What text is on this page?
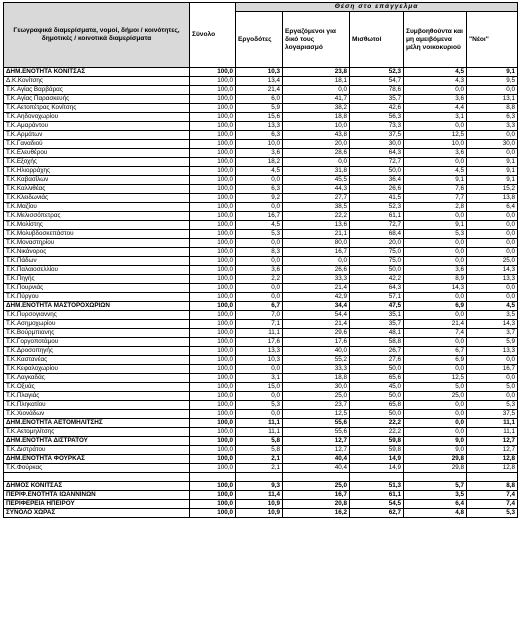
Γεωγραφικά διαμερίσματα, νομοί, δήμοι / κοινότητες, δημοτικές / κοινοτικά διαμερίσματα	Σύνολο	Θέση στο επάγγελμα				
		Εργοδότες	Εργαζόμενοι για δικό τους λογαριασμό	Μισθωτοί	Συμβοηθούντα και μη αμειβόμενα μέλη νοικοκυριού	"Νέοι"
ΔΗΜ.ΕΝΟΤΗΤΑ ΚΟΝΙΤΣΑΣ	100,0	10,3	23,8	52,3	4,5	9,1
Δ.Κ.Κονίτσης	100,0	13,4	18,1	54,7	4,3	9,5
Τ.Κ.Αγίας Βαρβάρας	100,0	21,4	0,0	78,6	0,0	0,0
Τ.Κ.Αγίας Παρασκευής	100,0	6,0	41,7	35,7	3,6	13,1
Τ.Κ.Αετοπέτρας Κονίτσης	100,0	5,9	38,2	42,6	4,4	8,8
Τ.Κ.Αηδονοχωρίου	100,0	15,6	18,8	56,3	3,1	6,3
Τ.Κ.Αμαράντου	100,0	13,3	10,0	73,3	0,0	3,3
Τ.Κ.Αρμάτων	100,0	6,3	43,8	37,5	12,5	0,0
Τ.Κ.Γαναδιού	100,0	10,0	20,0	30,0	10,0	30,0
Τ.Κ.Ελευθέρου	100,0	3,6	28,6	64,3	3,6	0,0
Τ.Κ.Εξοχής	100,0	18,2	0,0	72,7	0,0	9,1
Τ.Κ.Ηλιορράχης	100,0	4,5	31,8	50,0	4,5	9,1
Τ.Κ.Καβασίλων	100,0	0,0	45,5	36,4	9,1	9,1
Τ.Κ.Καλλιθέας	100,0	6,3	44,3	26,6	7,6	15,2
Τ.Κ.Κλειδωνιάς	100,0	9,2	27,7	41,5	7,7	13,8
Τ.Κ.Μαζίου	100,0	0,0	38,5	52,3	2,8	6,4
Τ.Κ.Μελισσόπετρας	100,0	16,7	22,2	61,1	0,0	0,0
Τ.Κ.Μολίστης	100,0	4,5	13,6	72,7	9,1	0,0
Τ.Κ.Μολυβδοσκεπάστου	100,0	5,3	21,1	68,4	5,3	0,0
Τ.Κ.Μοναστηρίου	100,0	0,0	80,0	20,0	0,0	0,0
Τ.Κ.Νικάνορος	100,0	8,3	16,7	75,0	0,0	0,0
Τ.Κ.Πάδων	100,0	0,0	0,0	75,0	0,0	25,0
Τ.Κ.Παλαιοσελλίου	100,0	3,6	26,6	50,0	3,6	14,3
Τ.Κ.Πηγής	100,0	2,2	33,3	42,2	8,9	13,3
Τ.Κ.Πουρνιάς	100,0	0,0	21,4	64,3	14,3	0,0
Τ.Κ.Πύργου	100,0	0,0	42,9	57,1	0,0	0,0
ΔΗΜ.ΕΝΟΤΗΤΑ ΜΑΣΤΟΡΟΧΩΡΙΩΝ	100,0	6,7	34,4	47,5	6,9	4,5
Τ.Κ.Πυρσογιαννης	100,0	7,0	54,4	35,1	0,0	3,5
Τ.Κ.Ασημοχωρίου	100,0	7,1	21,4	35,7	21,4	14,3
Τ.Κ.Βούρμπιανης	100,0	11,1	29,6	48,1	7,4	3,7
Τ.Κ.Γοργοποτάμου	100,0	17,6	17,6	58,8	0,0	5,9
Τ.Κ.Δροσοπηγής	100,0	13,3	40,0	26,7	6,7	13,3
Τ.Κ.Καστανέας	100,0	10,3	55,2	27,6	6,9	0,0
Τ.Κ.Κεφαλοχωρίου	100,0	0,0	33,3	50,0	0,0	16,7
Τ.Κ.Λαγκαδάς	100,0	3,1	18,8	65,6	12,5	0,0
Τ.Κ.Οξυάς	100,0	15,0	30,0	45,0	5,0	5,0
Τ.Κ.Πλαγιάς	100,0	0,0	25,0	50,0	25,0	0,0
Τ.Κ.Πληκατίου	100,0	5,3	23,7	65,8	0,0	5,3
Τ.Κ.Χιονάδων	100,0	0,0	12,5	50,0	0,0	37,5
ΔΗΜ.ΕΝΟΤΗΤΑ ΑΕΤΟΜΗΛΙΤΣΗΣ	100,0	11,1	55,6	22,2	0,0	11,1
Τ.Κ.Αετομηλίτσης	100,0	11,1	55,6	22,2	0,0	11,1
ΔΗΜ.ΕΝΟΤΗΤΑ ΔΙΣΤΡΑΤΟΥ	100,0	5,8	12,7	59,8	9,0	12,7
Τ.Κ.Διστράτου	100,0	5,8	12,7	59,8	9,0	12,7
ΔΗΜ.ΕΝΟΤΗΤΑ ΦΟΥΡΚΑΣ	100,0	2,1	40,4	14,9	29,8	12,8
Τ.Κ.Φούρκας	100,0	2,1	40,4	14,9	29,8	12,8

ΔΗΜΟΣ ΚΟΝΙΤΣΑΣ	100,0	9,3	25,0	51,3	5,7	8,8
ΠΕΡΙΦ.ΕΝΟΤΗΤΑ ΙΩΑΝΝΙΝΩΝ	100,0	11,4	16,7	61,1	3,5	7,4
ΠΕΡΙΦΕΡΕΙΑ ΗΠΕΙΡΟΥ	100,0	10,9	20,8	54,5	6,4	7,4
ΣΥΝΟΛΟ ΧΩΡΑΣ	100,0	10,9	16,2	62,7	4,8	5,3
